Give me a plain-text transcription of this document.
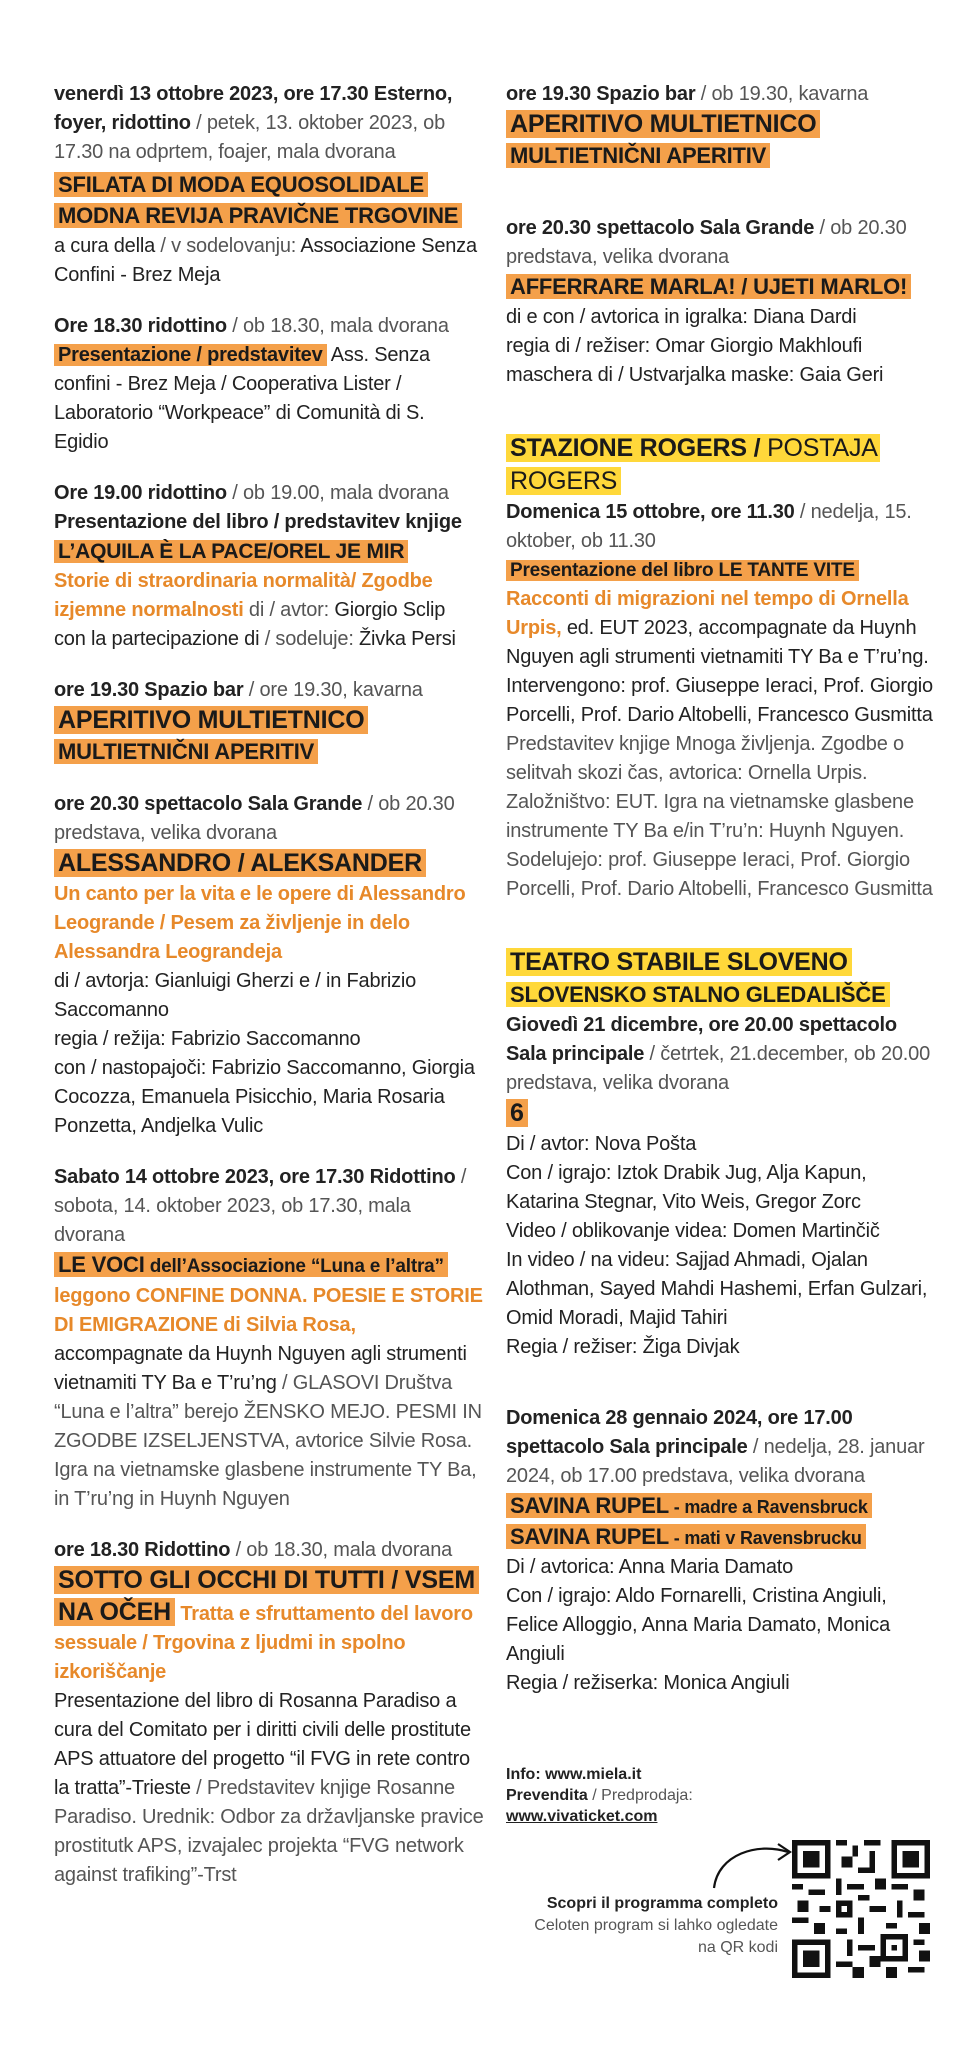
venerdì 13 ottobre 2023, ore 17.30 Esterno, foyer, ridottino / petek, 13. oktober 2023, ob 17.30 na odprtem, foajer, mala dvorana
SFILATA DI MODA EQUOSOLIDALE
MODNA REVIJA PRAVIČNE TRGOVINE
a cura della / v sodelovanju: Associazione Senza Confini - Brez Meja
Ore 18.30 ridottino / ob 18.30, mala dvorana
Presentazione / predstavitev Ass. Senza confini - Brez Meja / Cooperativa Lister / Laboratorio “Workpeace” di Comunità di S. Egidio
Ore 19.00 ridottino / ob 19.00, mala dvorana
Presentazione del libro / predstavitev knjige
L’AQUILA È LA PACE/OREL JE MIR
Storie di straordinaria normalità/ Zgodbe izjemne normalnosti di / avtor: Giorgio Sclip
con la partecipazione di / sodeluje: Živka Persi
ore 19.30 Spazio bar / ore 19.30, kavarna
APERITIVO MULTIETNICO
MULTIETNIČNI APERITIV
ore 20.30 spettacolo Sala Grande / ob 20.30 predstava, velika dvorana
ALESSANDRO / ALEKSANDER
Un canto per la vita e le opere di Alessandro Leogrande / Pesem za življenje in delo Alessandra Leograndeja
di / avtorja: Gianluigi Gherzi e / in Fabrizio Saccomanno
regia / režija: Fabrizio Saccomanno
con / nastopajoči: Fabrizio Saccomanno, Giorgia Cocozza, Emanuela Pisicchio, Maria Rosaria Ponzetta, Andjelka Vulic
Sabato 14 ottobre 2023, ore 17.30 Ridottino / sobota, 14. oktober 2023, ob 17.30, mala dvorana
LE VOCI dell’Associazione “Luna e l’altra”
leggono CONFINE DONNA. POESIE E STORIE DI EMIGRAZIONE di Silvia Rosa, accompagnate da Huynh Nguyen agli strumenti vietnamiti TY Ba e T’ru’ng / GLASOVI Društva “Luna e l’altra” berejo ŽENSKO MEJO. PESMI IN ZGODBE IZSELJENSTVA, avtorice Silvie Rosa. Igra na vietnamske glasbene instrumente TY Ba, in T’ru’ng in Huynh Nguyen
ore 18.30 Ridottino / ob 18.30, mala dvorana
SOTTO GLI OCCHI DI TUTTI / VSEM NA OČEH Tratta e sfruttamento del lavoro sessuale / Trgovina z ljudmi in spolno izkoriščanje
Presentazione del libro di Rosanna Paradiso a cura del Comitato per i diritti civili delle prostitute APS attuatore del progetto “il FVG in rete contro la tratta”-Trieste / Predstavitev knjige Rosanne Paradiso. Urednik: Odbor za državljanske pravice prostitutk APS, izvajalec projekta “FVG network against trafiking”-Trst
ore 19.30 Spazio bar / ob 19.30, kavarna
APERITIVO MULTIETNICO
MULTIETNIČNI APERITIV
ore 20.30 spettacolo Sala Grande / ob 20.30 predstava, velika dvorana
AFFERRARE MARLA! / UJETI MARLO!
di e con / avtorica in igralka: Diana Dardi
regia di / režiser: Omar Giorgio Makhloufi
maschera di / Ustvarjalka maske: Gaia Geri
STAZIONE ROGERS / POSTAJA ROGERS
Domenica 15 ottobre, ore 11.30 / nedelja, 15. oktober, ob 11.30
Presentazione del libro LE TANTE VITE
Racconti di migrazioni nel tempo di Ornella Urpis, ed. EUT 2023, accompagnate da Huynh Nguyen agli strumenti vietnamiti TY Ba e T’ru’ng. Intervengono: prof. Giuseppe Ieraci, Prof. Giorgio Porcelli, Prof. Dario Altobelli, Francesco Gusmitta
Predstavitev knjige Mnoga življenja. Zgodbe o selitvah skozi čas, avtorica: Ornella Urpis. Založništvo: EUT. Igra na vietnamske glasbene instrumente TY Ba e/in T’ru’n: Huynh Nguyen. Sodelujejo: prof. Giuseppe Ieraci, Prof. Giorgio Porcelli, Prof. Dario Altobelli, Francesco Gusmitta
TEATRO STABILE SLOVENO
SLOVENSKO STALNO GLEDALIŠČE
Giovedì 21 dicembre, ore 20.00 spettacolo Sala principale / četrtek, 21.december, ob 20.00 predstava, velika dvorana
6
Di / avtor: Nova Pošta
Con / igrajo: Iztok Drabik Jug, Alja Kapun, Katarina Stegnar, Vito Weis, Gregor Zorc
Video / oblikovanje videa: Domen Martinčič
In video / na videu: Sajjad Ahmadi, Ojalan Alothman, Sayed Mahdi Hashemi, Erfan Gulzari, Omid Moradi, Majid Tahiri
Regia / režiser: Žiga Divjak
Domenica 28 gennaio 2024, ore 17.00 spettacolo Sala principale / nedelja, 28. januar 2024, ob 17.00 predstava, velika dvorana
SAVINA RUPEL - madre a Ravensbruck
SAVINA RUPEL - mati v Ravensbrucku
Di / avtorica: Anna Maria Damato
Con / igrajo: Aldo Fornarelli, Cristina Angiuli, Felice Alloggio, Anna Maria Damato, Monica Angiuli
Regia / režiserka: Monica Angiuli
Info: www.miela.it
Prevendita / Predprodaja:
www.vivaticket.com
Scopri il programma completo
Celoten program si lahko ogledate
na QR kodi
